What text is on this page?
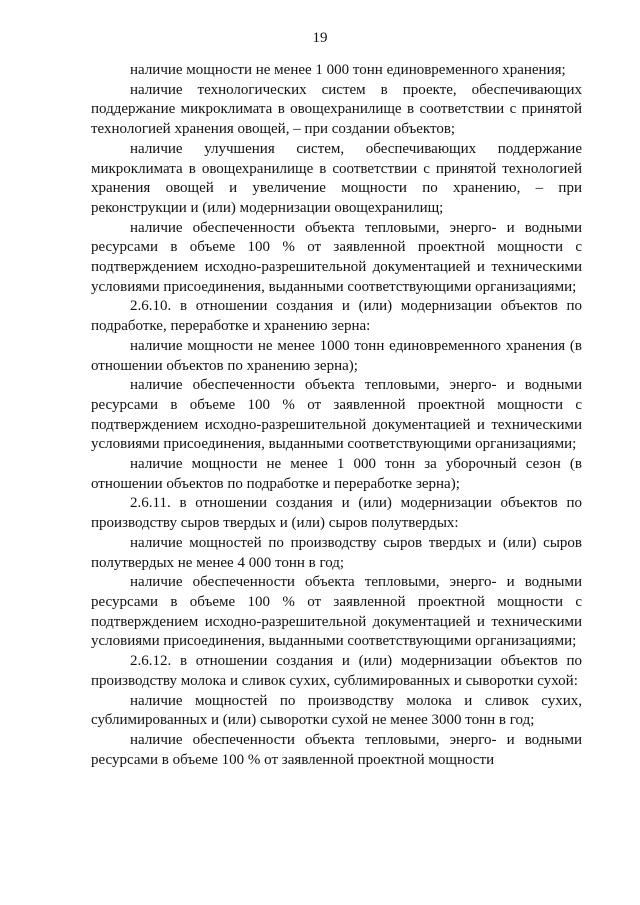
19

наличие мощности не менее 1 000 тонн единовременного хранения;

наличие технологических систем в проекте, обеспечивающих поддержание микроклимата в овощехранилище в соответствии с принятой технологией хранения овощей, – при создании объектов;

наличие улучшения систем, обеспечивающих поддержание микроклимата в овощехранилище в соответствии с принятой технологией хранения овощей и увеличение мощности по хранению, – при реконструкции и (или) модернизации овощехранилищ;

наличие обеспеченности объекта тепловыми, энерго- и водными ресурсами в объеме 100 % от заявленной проектной мощности с подтверждением исходно-разрешительной документацией и техническими условиями присоединения, выданными соответствующими организациями;

2.6.10. в отношении создания и (или) модернизации объектов по подработке, переработке и хранению зерна:

наличие мощности не менее 1000 тонн единовременного хранения (в отношении объектов по хранению зерна);

наличие обеспеченности объекта тепловыми, энерго- и водными ресурсами в объеме 100 % от заявленной проектной мощности с подтверждением исходно-разрешительной документацией и техническими условиями присоединения, выданными соответствующими организациями;

наличие мощности не менее 1 000 тонн за уборочный сезон (в отношении объектов по подработке и переработке зерна);

2.6.11. в отношении создания и (или) модернизации объектов по производству сыров твердых и (или) сыров полутвердых:

наличие мощностей по производству сыров твердых и (или) сыров полутвердых не менее 4 000 тонн в год;

наличие обеспеченности объекта тепловыми, энерго- и водными ресурсами в объеме 100 % от заявленной проектной мощности с подтверждением исходно-разрешительной документацией и техническими условиями присоединения, выданными соответствующими организациями;

2.6.12. в отношении создания и (или) модернизации объектов по производству молока и сливок сухих, сублимированных и сыворотки сухой:

наличие мощностей по производству молока и сливок сухих, сублимированных и (или) сыворотки сухой не менее 3000 тонн в год;

наличие обеспеченности объекта тепловыми, энерго- и водными ресурсами в объеме 100 % от заявленной проектной мощности
